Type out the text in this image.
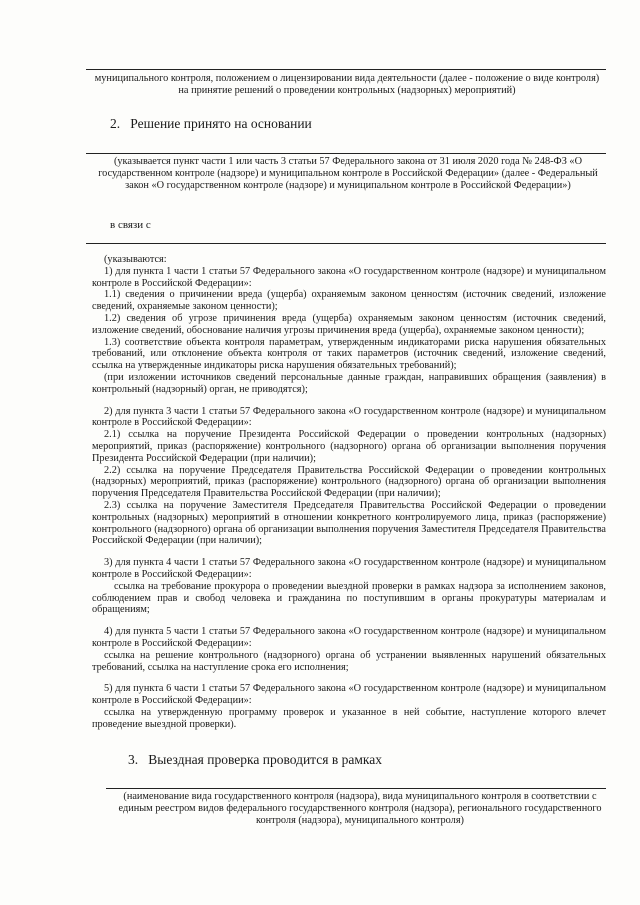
муниципального контроля, положением о лицензировании вида деятельности (далее - положение о виде контроля) на принятие решений о проведении контрольных (надзорных) мероприятий)
2. Решение принято на основании
(указывается пункт части 1 или часть 3 статьи 57 Федерального закона от 31 июля 2020 года № 248-ФЗ «О государственном контроле (надзоре) и муниципальном контроле в Российской Федерации» (далее - Федеральный закон «О государственном контроле (надзоре) и муниципальном контроле в Российской Федерации»)
в связи с

(указываются:

1) для пункта 1 части 1 статьи 57 Федерального закона «О государственном контроле (надзоре) и муниципальном контроле в Российской Федерации»:

1.1) сведения о причинении вреда (ущерба) охраняемым законом ценностям (источник сведений, изложение сведений, охраняемые законом ценности);

1.2) сведения об угрозе причинения вреда (ущерба) охраняемым законом ценностям (источник сведений, изложение сведений, обоснование наличия угрозы причинения вреда (ущерба), охраняемые законом ценности);

1.3) соответствие объекта контроля параметрам, утвержденным индикаторами риска нарушения обязательных требований, или отклонение объекта контроля от таких параметров (источник сведений, изложение сведений, ссылка на утвержденные индикаторы риска нарушения обязательных требований);

(при изложении источников сведений персональные данные граждан, направивших обращения (заявления) в контрольный (надзорный) орган, не приводятся);

2) для пункта 3 части 1 статьи 57 Федерального закона «О государственном контроле (надзоре) и муниципальном контроле в Российской Федерации»:

2.1) ссылка на поручение Президента Российской Федерации о проведении контрольных (надзорных) мероприятий, приказ (распоряжение) контрольного (надзорного) органа об организации выполнения поручения Президента Российской Федерации (при наличии);

2.2) ссылка на поручение Председателя Правительства Российской Федерации о проведении контрольных (надзорных) мероприятий, приказ (распоряжение) контрольного (надзорного) органа об организации выполнения поручения Председателя Правительства Российской Федерации (при наличии);

2.3) ссылка на поручение Заместителя Председателя Правительства Российской Федерации о проведении контрольных (надзорных) мероприятий в отношении конкретного контролируемого лица, приказ (распоряжение) контрольного (надзорного) органа об организации выполнения поручения Заместителя Председателя Правительства Российской Федерации (при наличии);

3) для пункта 4 части 1 статьи 57 Федерального закона «О государственном контроле (надзоре) и муниципальном контроле в Российской Федерации»:

ссылка на требование прокурора о проведении выездной проверки в рамках надзора за исполнением законов, соблюдением прав и свобод человека и гражданина по поступившим в органы прокуратуры материалам и обращениям;

4) для пункта 5 части 1 статьи 57 Федерального закона «О государственном контроле (надзоре) и муниципальном контроле в Российской Федерации»:

ссылка на решение контрольного (надзорного) органа об устранении выявленных нарушений обязательных требований, ссылка на наступление срока его исполнения;

5) для пункта 6 части 1 статьи 57 Федерального закона «О государственном контроле (надзоре) и муниципальном контроле в Российской Федерации»:

ссылка на утвержденную программу проверок и указанное в ней событие, наступление которого влечет проведение выездной проверки).

3. Выездная проверка проводится в рамках
(наименование вида государственного контроля (надзора), вида муниципального контроля в соответствии с единым реестром видов федерального государственного контроля (надзора), регионального государственного контроля (надзора), муниципального контроля)
